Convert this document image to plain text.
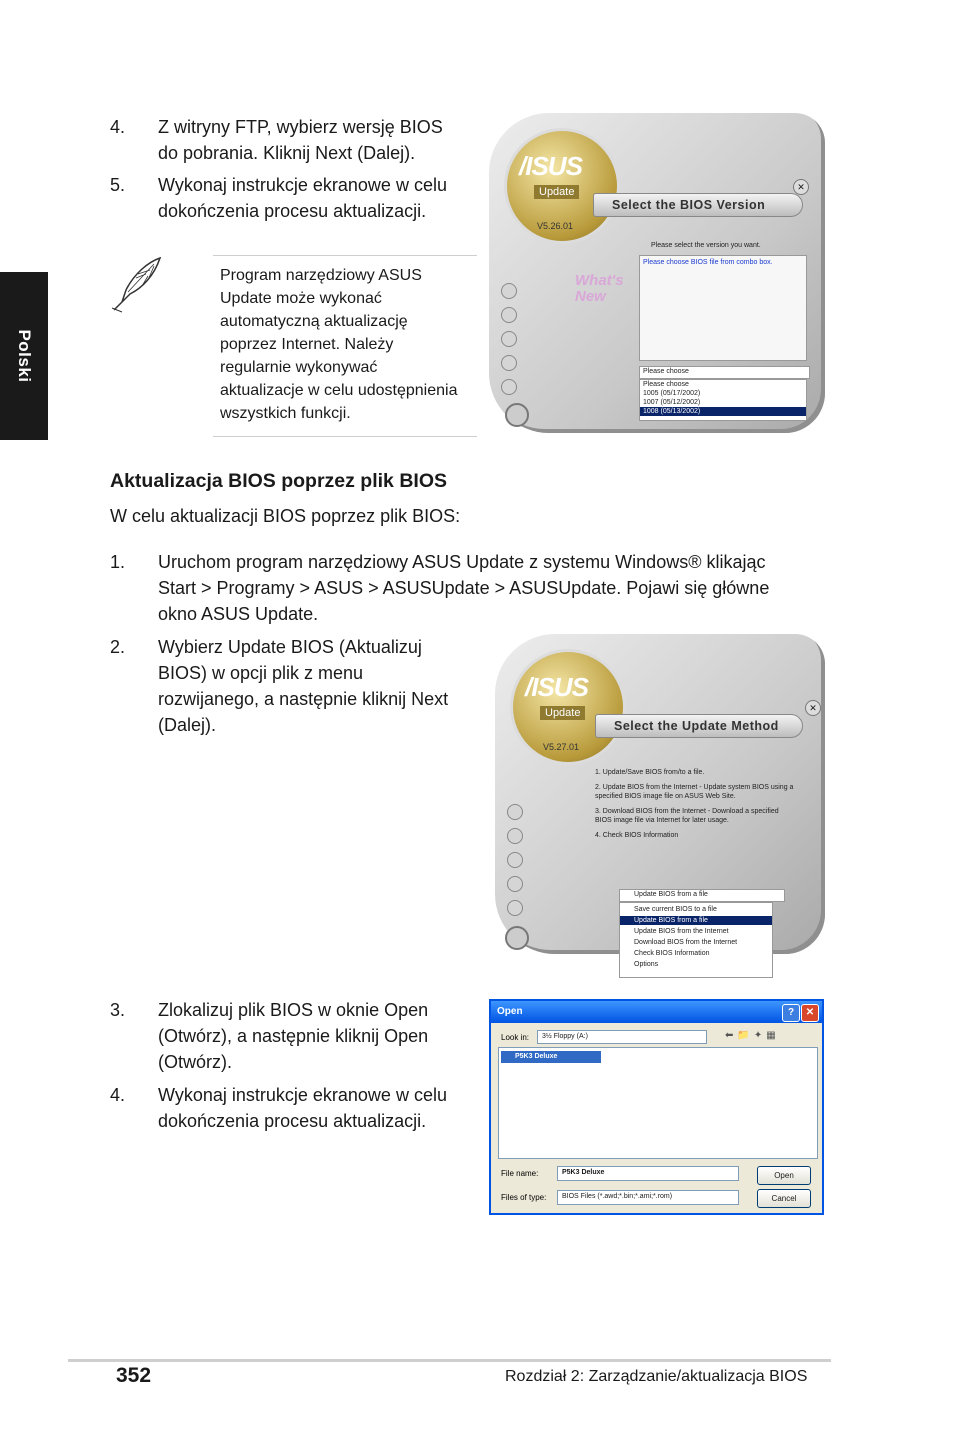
Polski
4. Z witryny FTP, wybierz wersję BIOS
do pobrania. Kliknij Next (Dalej).
5. Wykonaj instrukcje ekranowe w celu
dokończenia procesu aktualizacji.
Program narzędziowy ASUS
Update może wykonać
automatyczną aktualizację
poprzez Internet. Należy
regularnie wykonywać
aktualizacje w celu udostępnienia
wszystkich funkcji.
/ISUS
Update
V5.26.01
✕
Select the BIOS Version
Please select the version you want.
What's New
Please choose BIOS file from combo box.
Please choose
Please choose
1005 (05/17/2002)
1007 (05/12/2002)
1008 (05/13/2002)
Aktualizacja BIOS poprzez plik BIOS
W celu aktualizacji BIOS poprzez plik BIOS:
1. Uruchom program narzędziowy ASUS Update z systemu Windows® klikając
Start > Programy > ASUS > ASUSUpdate > ASUSUpdate. Pojawi się główne
okno ASUS Update.
2. Wybierz Update BIOS (Aktualizuj
BIOS) w opcji plik z menu
rozwijanego, a następnie kliknij Next
(Dalej).
/ISUS
Update
V5.27.01
✕
Select the Update Method
1. Update/Save BIOS from/to a file.
2. Update BIOS from the Internet - Update system BIOS using a specified BIOS image file on ASUS Web Site.
3. Download BIOS from the Internet - Download a specified BIOS image file via Internet for later usage.
4. Check BIOS Information
Update BIOS from a file
Save current BIOS to a file
Update BIOS from a file
Update BIOS from the Internet
Download BIOS from the Internet
Check BIOS Information
Options
3. Zlokalizuj plik BIOS w oknie Open
(Otwórz), a następnie kliknij Open
(Otwórz).
4. Wykonaj instrukcje ekranowe w celu
dokończenia procesu aktualizacji.
Open	?	✕
Look in:	3½ Floppy (A:)	⬅📁✦▦
P5K3 Deluxe
File name:	P5K3 Deluxe
Files of type:	BIOS Files (*.awd;*.bin;*.ami;*.rom)
Open
Cancel
352	Rozdział 2: Zarządzanie/aktualizacja BIOS
